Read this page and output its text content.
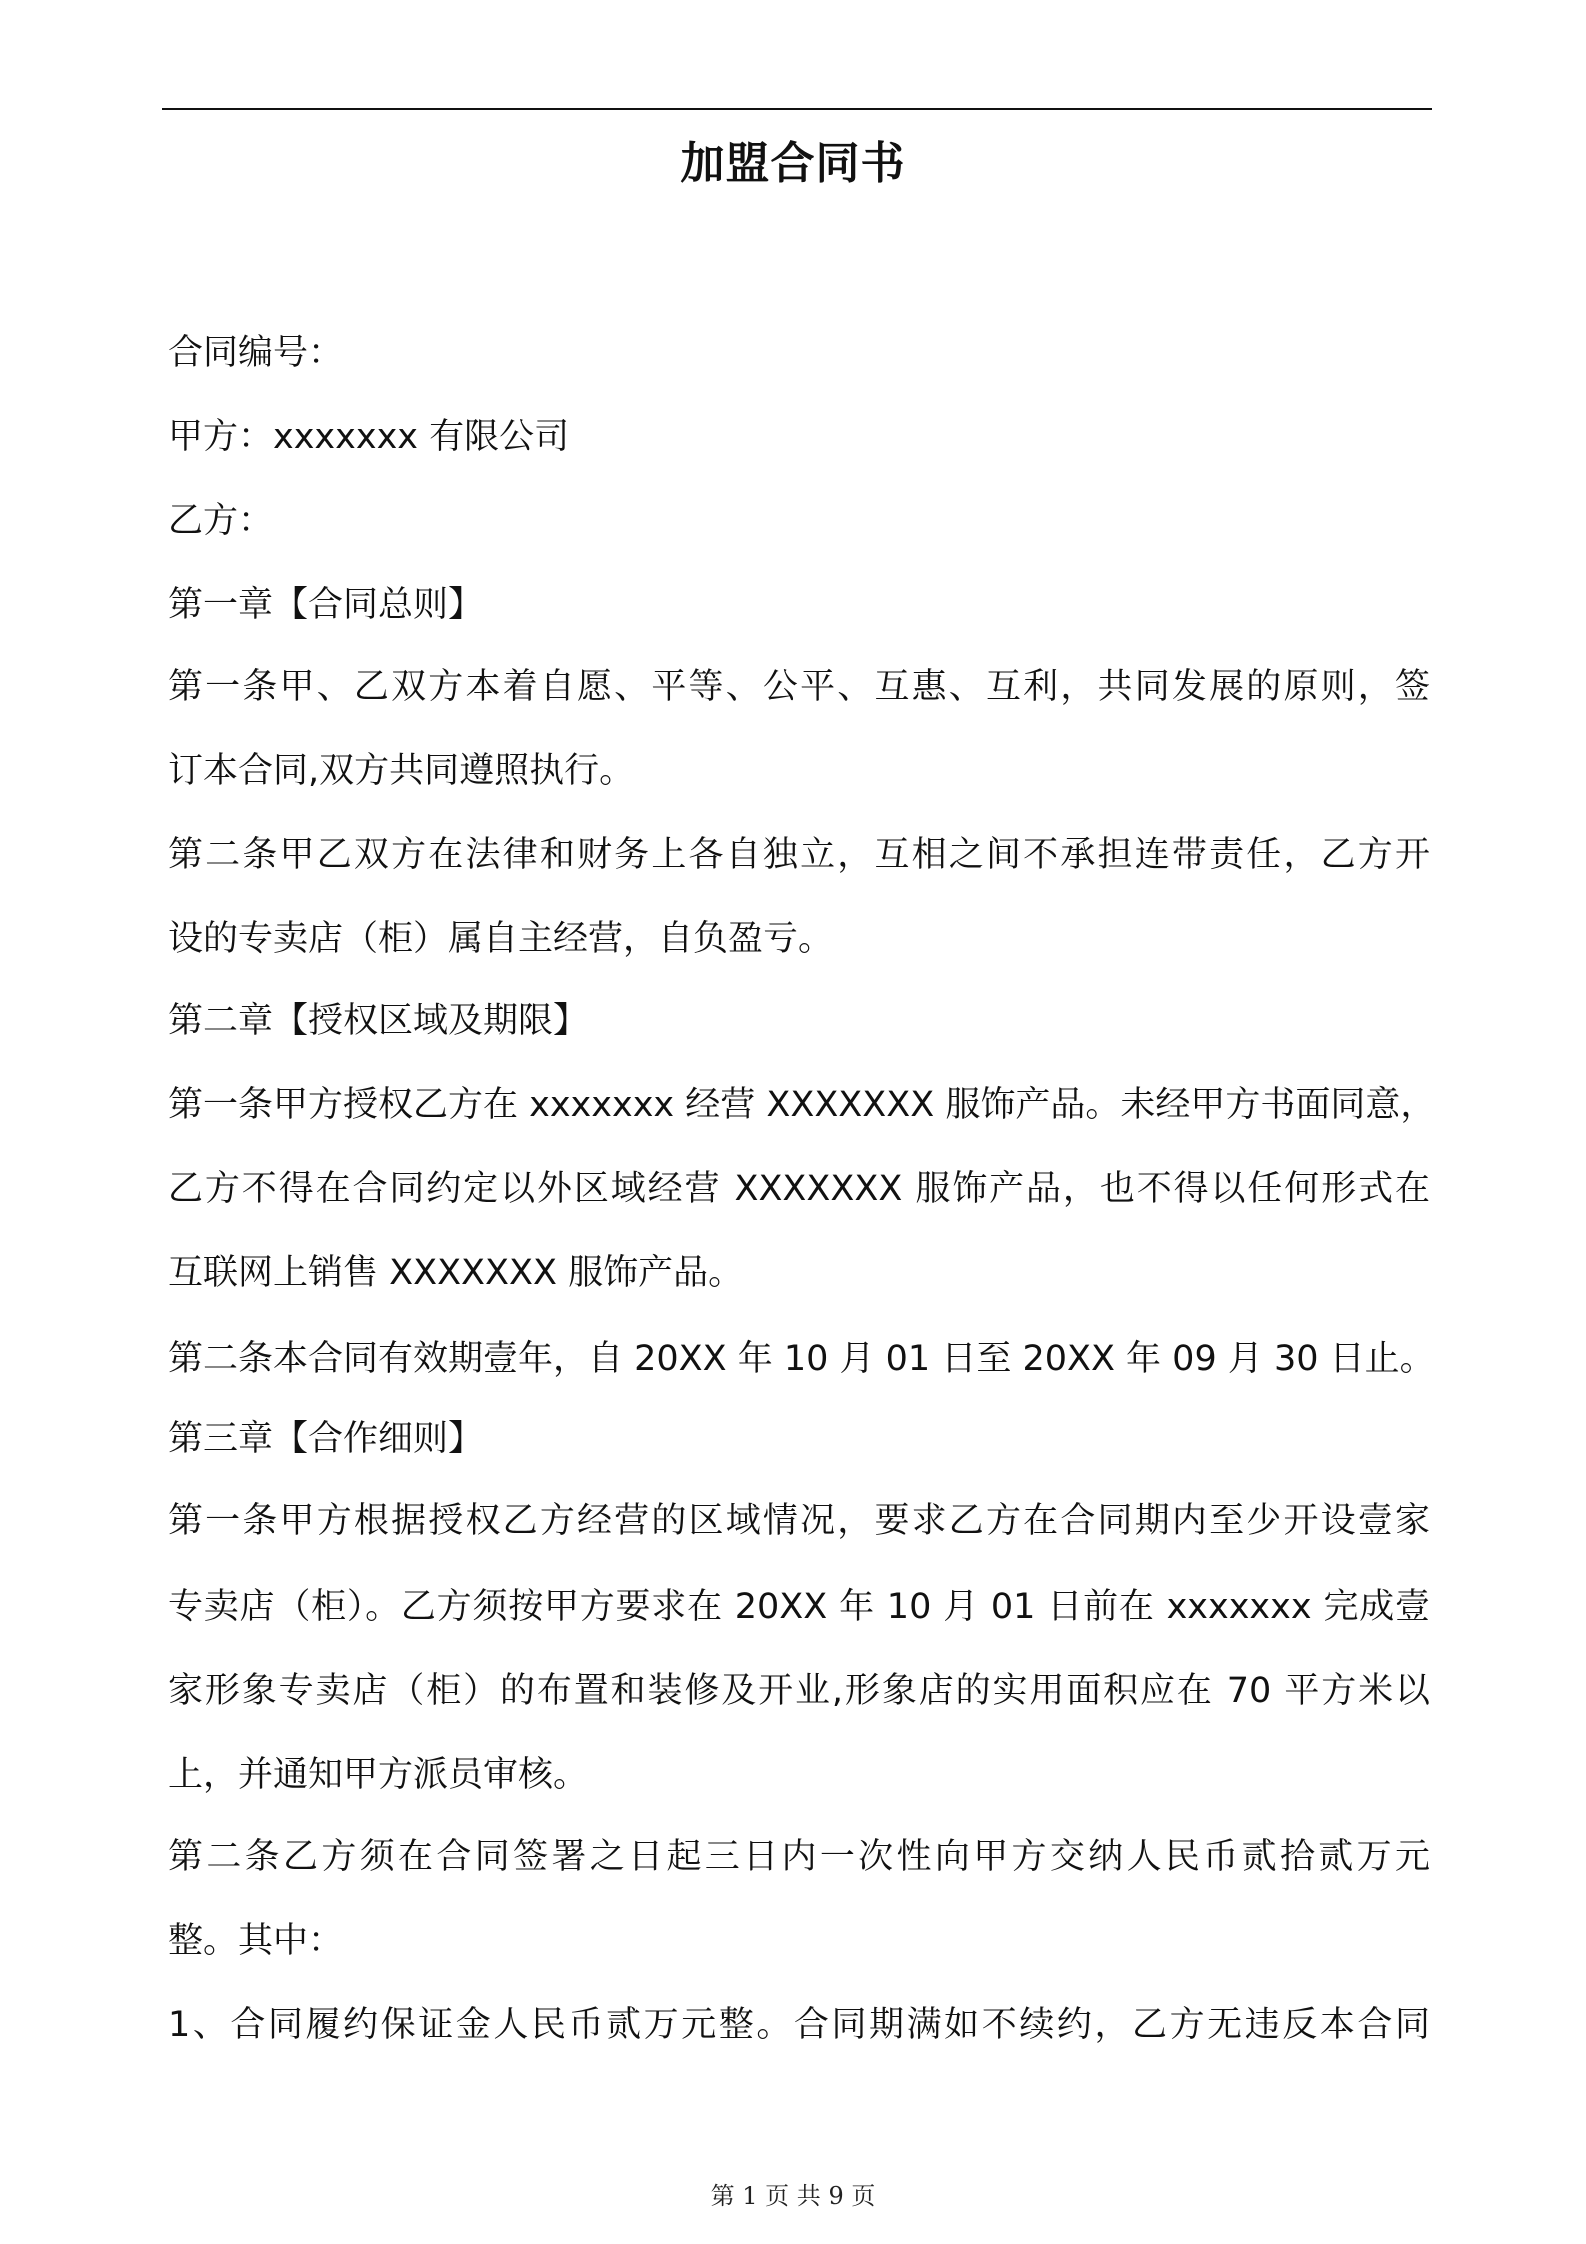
加盟合同书
合同编号：
甲方：xxxxxxx 有限公司
乙方：
第一章【合同总则】
第一条甲、乙双方本着自愿、平等、公平、互惠、互利，共同发展的原则，签
订本合同,双方共同遵照执行。
第二条甲乙双方在法律和财务上各自独立，互相之间不承担连带责任，乙方开
设的专卖店（柜）属自主经营，自负盈亏。
第二章【授权区域及期限】
第一条甲方授权乙方在 xxxxxxx 经营 XXXXXXX 服饰产品。未经甲方书面同意，
乙方不得在合同约定以外区域经营 XXXXXXX 服饰产品，也不得以任何形式在
互联网上销售 XXXXXXX 服饰产品。
第二条本合同有效期壹年，自 20XX 年 10 月 01 日至 20XX 年 09 月 30 日止。
第三章【合作细则】
第一条甲方根据授权乙方经营的区域情况，要求乙方在合同期内至少开设壹家
专卖店（柜）。乙方须按甲方要求在 20XX 年 10 月 01 日前在 xxxxxxx 完成壹
家形象专卖店（柜）的布置和装修及开业,形象店的实用面积应在 70 平方米以
上，并通知甲方派员审核。
第二条乙方须在合同签署之日起三日内一次性向甲方交纳人民币贰拾贰万元
整。其中：
1、合同履约保证金人民币贰万元整。合同期满如不续约，乙方无违反本合同
第 1 页 共 9 页
